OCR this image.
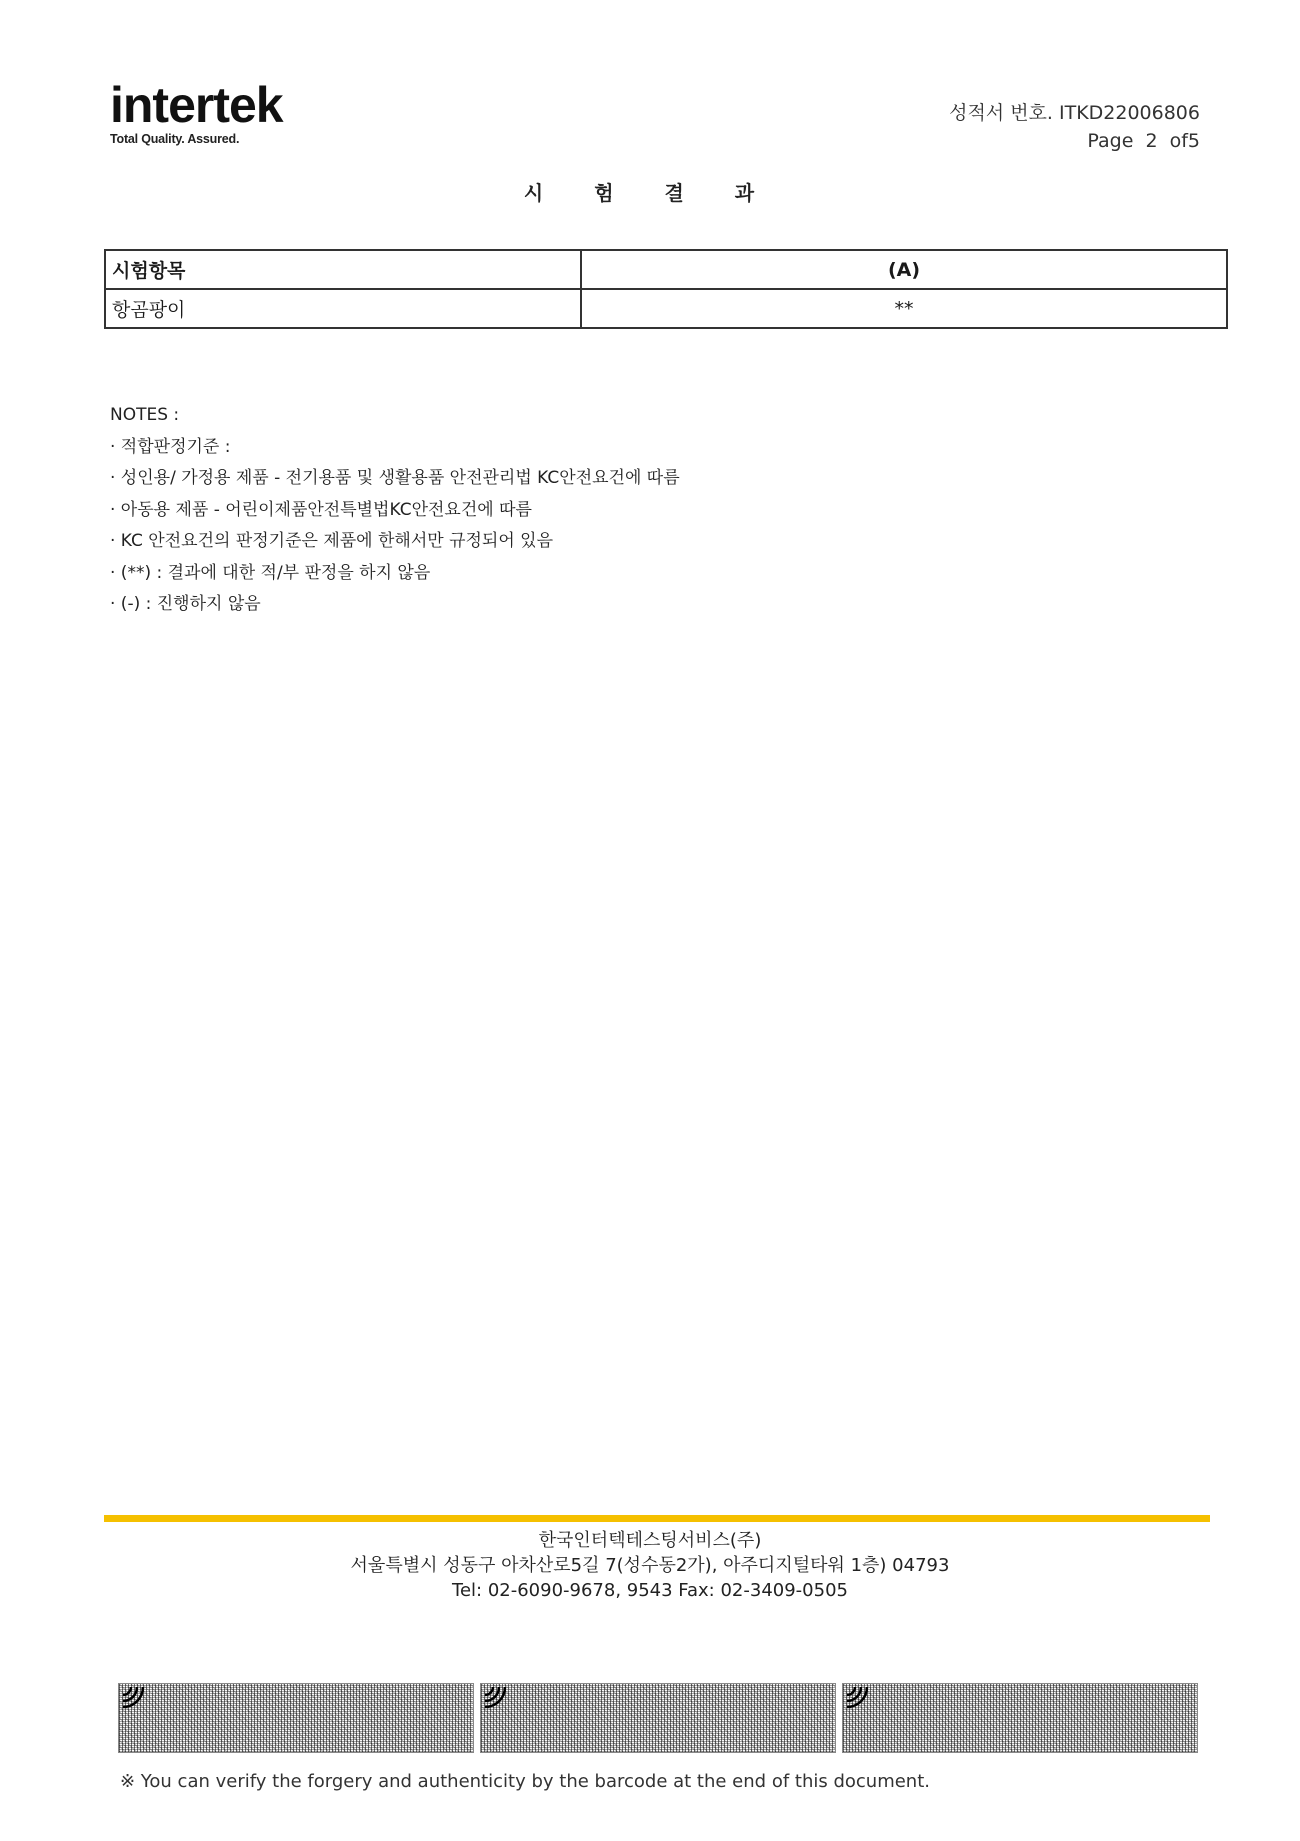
intertek
Total Quality. Assured.
성적서 번호. ITKD22006806
Page 2 of5
시 험 결 과
시험항목	(A)
항곰팡이	**

NOTES :

· 적합판정기준 :

· 성인용/ 가정용 제품 - 전기용품 및 생활용품 안전관리법 KC안전요건에 따름

· 아동용 제품 - 어린이제품안전특별법KC안전요건에 따름

· KC 안전요건의 판정기준은 제품에 한해서만 규정되어 있음

· (**) : 결과에 대한 적/부 판정을 하지 않음

· (-) : 진행하지 않음

한국인터텍테스팅서비스(주)

서울특별시 성동구 아차산로5길 7(성수동2가), 아주디지털타워 1층) 04793

Tel: 02-6090-9678, 9543 Fax: 02-3409-0505

※ You can verify the forgery and authenticity by the barcode at the end of this document.
